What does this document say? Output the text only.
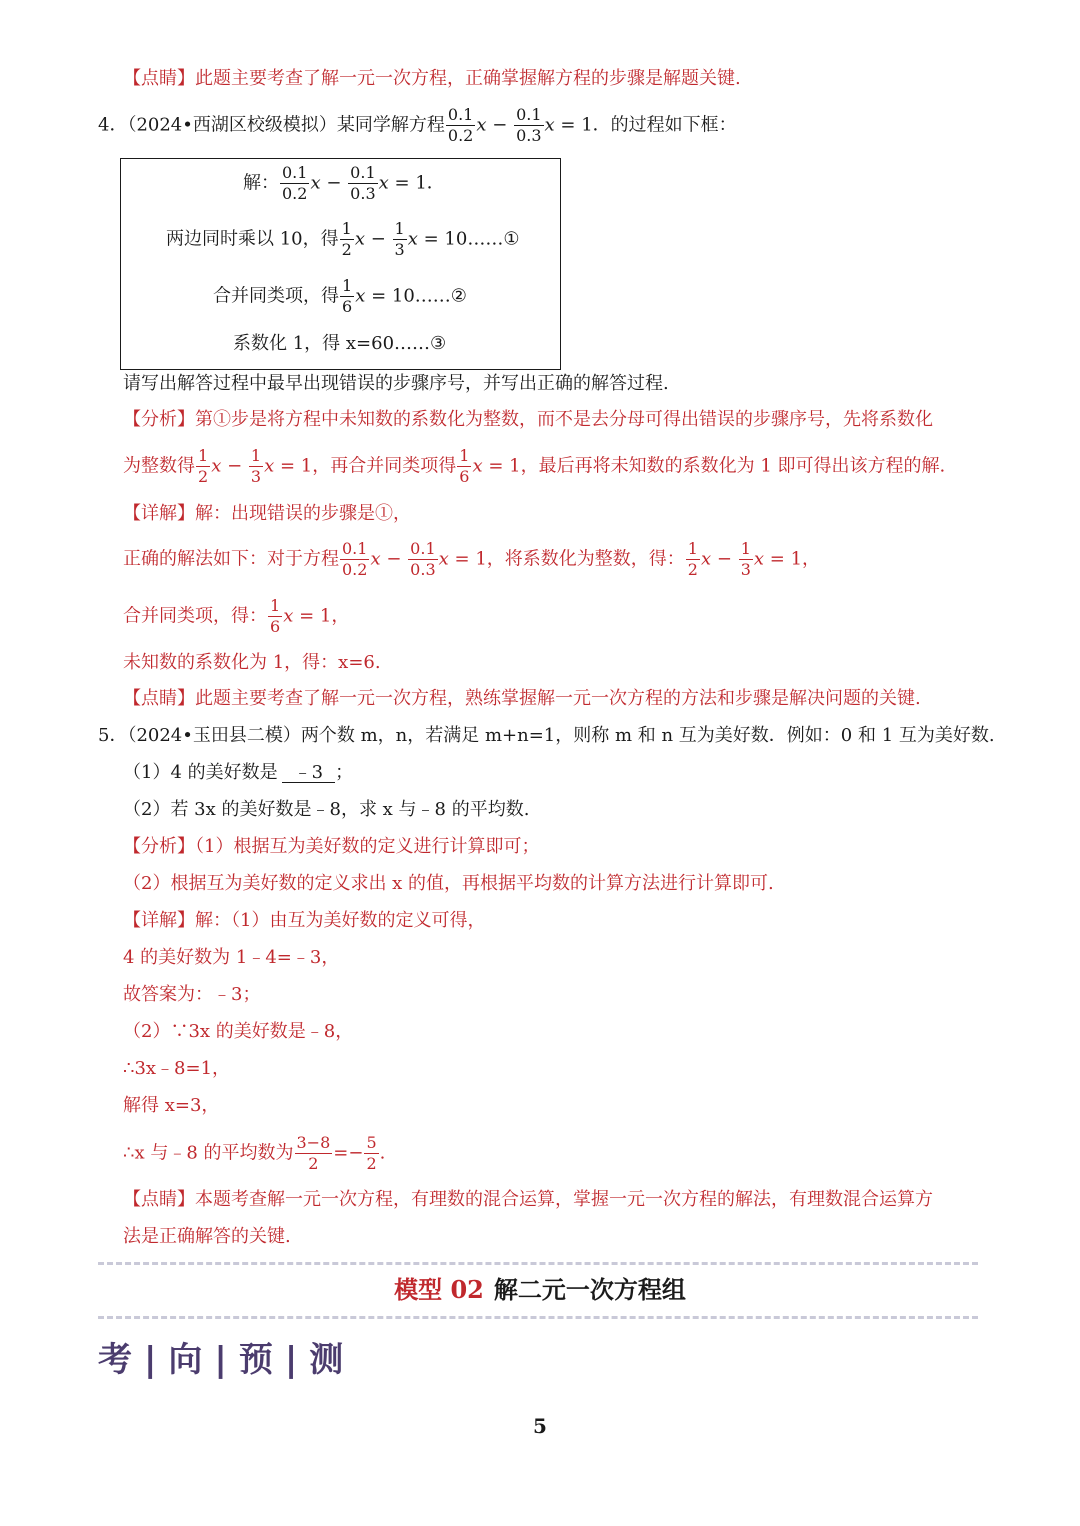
【点睛】此题主要考查了解一元一次方程，正确掌握解方程的步骤是解题关键.
4．（2024•西湖区校级模拟）某同学解方程 $\frac{0.1}{0.2}$ $x - \frac{0.1}{0.3}$ x = 1．的过程如下框：
解： $\frac{0.1}{0.2}$ $x - \frac{0.1}{0.3}$ x = 1．
两边同时乘以 10，得 $\frac{1}{2}$ $x - \frac{1}{3}$ x = 10……①
合并同类项，得 $\frac{1}{6}$ x = 10……②
系数化 1，得 x=60……③
请写出解答过程中最早出现错误的步骤序号，并写出正确的解答过程.
【分析】第①步是将方程中未知数的系数化为整数，而不是去分母可得出错误的步骤序号，先将系数化
为整数得 $\frac{1}{2}$ $x - \frac{1}{3}$ x = 1，再合并同类项得 $\frac{1}{6}$ x = 1，最后再将未知数的系数化为 1 即可得出该方程的解.
【详解】解：出现错误的步骤是①，
正确的解法如下：对于方程 $\frac{0.1}{0.2}$ $x - \frac{0.1}{0.3}$ x = 1，将系数化为整数，得： $\frac{1}{2}$ $x - \frac{1}{3}$ x = 1，
合并同类项，得： $\frac{1}{6}$ x = 1，
未知数的系数化为 1，得：x=6.
【点睛】此题主要考查了解一元一次方程，熟练掌握解一元一次方程的方法和步骤是解决问题的关键.
5．（2024•玉田县二模）两个数 m，n，若满足 m+n=1，则称 m 和 n 互为美好数．例如：0 和 1 互为美好数.
（1）4 的美好数是 ﹣3 ；
（2）若 3x 的美好数是﹣8，求 x 与﹣8 的平均数.
【分析】（1）根据互为美好数的定义进行计算即可；
（2）根据互为美好数的定义求出 x 的值，再根据平均数的计算方法进行计算即可.
【详解】解：（1）由互为美好数的定义可得，
4 的美好数为 1﹣4=﹣3，
故答案为：﹣3；
（2）∵3x 的美好数是﹣8，
∴3x﹣8=1，
解得 x=3，
∴x 与﹣8 的平均数为 $\frac{3-8}{2} =- \frac{5}{2}$ .
【点睛】本题考查解一元一次方程，有理数的混合运算，掌握一元一次方程的解法，有理数混合运算方
法是正确解答的关键.
模型 02 解二元一次方程组
考 | 向 | 预 | 测
5
